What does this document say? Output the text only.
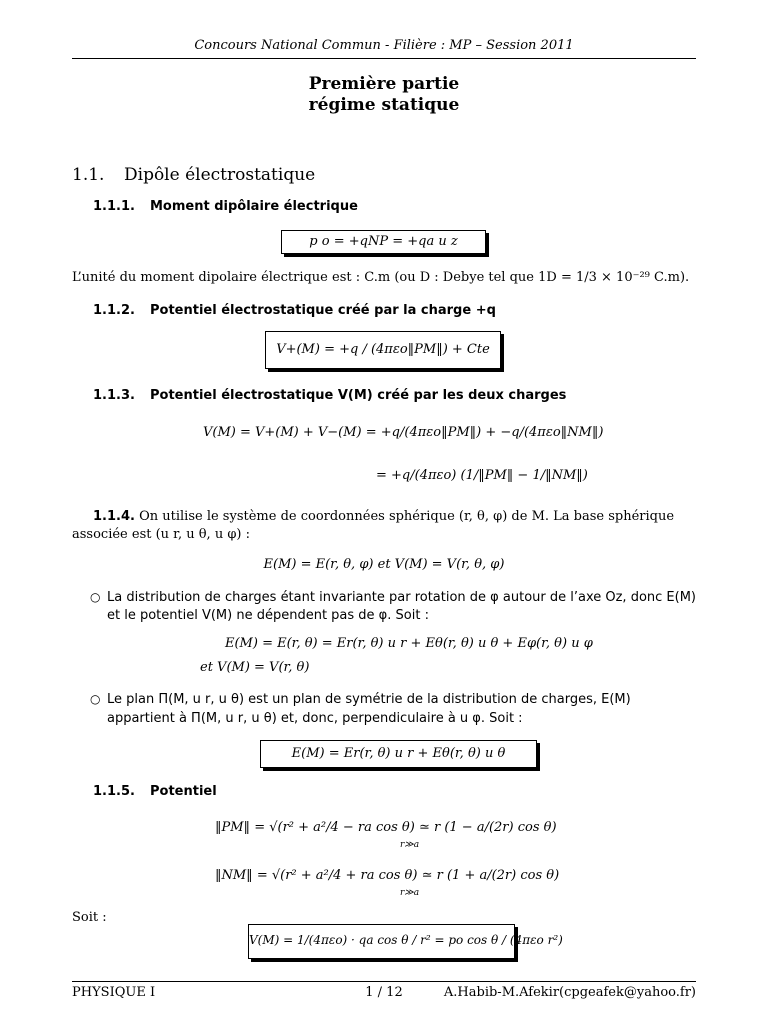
Concours National Commun - Filière : MP – Session 2011
Première partie
régime statique
1.1. Dipôle électrostatique
1.1.1. Moment dipôlaire électrique
p o = +qNP = +qa u z
L’unité du moment dipolaire électrique est : C.m (ou D : Debye tel que 1D = 1/3 × 10⁻²⁹ C.m).
1.1.2. Potentiel électrostatique créé par la charge +q
V+(M) = +q / (4πεo‖PM‖) + Cte
1.1.3. Potentiel électrostatique V(M) créé par les deux charges
V(M) = V+(M) + V−(M) = +q/(4πεo‖PM‖) + −q/(4πεo‖NM‖)
= +q/(4πεo) (1/‖PM‖ − 1/‖NM‖)
1.1.4. On utilise le système de coordonnées sphérique (r, θ, φ) de M. La base sphérique
associée est (u r, u θ, u φ) :
E(M) = E(r, θ, φ) et V(M) = V(r, θ, φ)
○ La distribution de charges étant invariante par rotation de φ autour de l’axe Oz, donc E(M)
et le potentiel V(M) ne dépendent pas de φ. Soit :
E(M) = E(r, θ) = Er(r, θ) u r + Eθ(r, θ) u θ + Eφ(r, θ) u φ
et V(M) = V(r, θ)
○ Le plan Π(M, u r, u θ) est un plan de symétrie de la distribution de charges, E(M)
appartient à Π(M, u r, u θ) et, donc, perpendiculaire à u φ. Soit :
E(M) = Er(r, θ) u r + Eθ(r, θ) u θ
1.1.5. Potentiel
‖PM‖ = √(r² + a²/4 − ra cos θ) ≃ r (1 − a/(2r) cos θ)
r≫a
‖NM‖ = √(r² + a²/4 + ra cos θ) ≃ r (1 + a/(2r) cos θ)
r≫a
Soit :
V(M) = 1/(4πεo) · qa cos θ / r² = po cos θ / (4πεo r²)
PHYSIQUE I	1 / 12	A.Habib-M.Afekir(cpgeafek@yahoo.fr)
